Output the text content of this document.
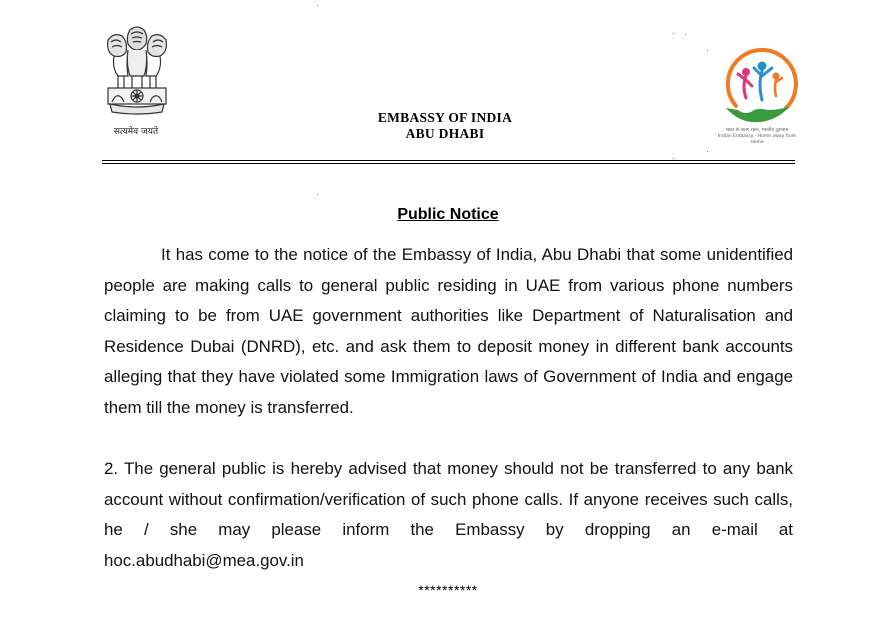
सत्यमेव जयते
EMBASSY OF INDIA
ABU DHABI	भारत से अलग रहना, भारतीय दूतावास
Indian Embassy · Home away from Home
Public Notice

It has come to the notice of the Embassy of India, Abu Dhabi that some unidentified people are making calls to general public residing in UAE from various phone numbers claiming to be from UAE government authorities like Department of Naturalisation and Residence Dubai (DNRD), etc. and ask them to deposit money in different bank accounts alleging that they have violated some Immigration laws of Government of India and engage them till the money is transferred.

2. The general public is hereby advised that money should not be transferred to any bank account without confirmation/verification of such phone calls. If anyone receives such calls, he / she may please inform the Embassy by dropping an e-mail at hoc.abudhabi@mea.gov.in

**********
